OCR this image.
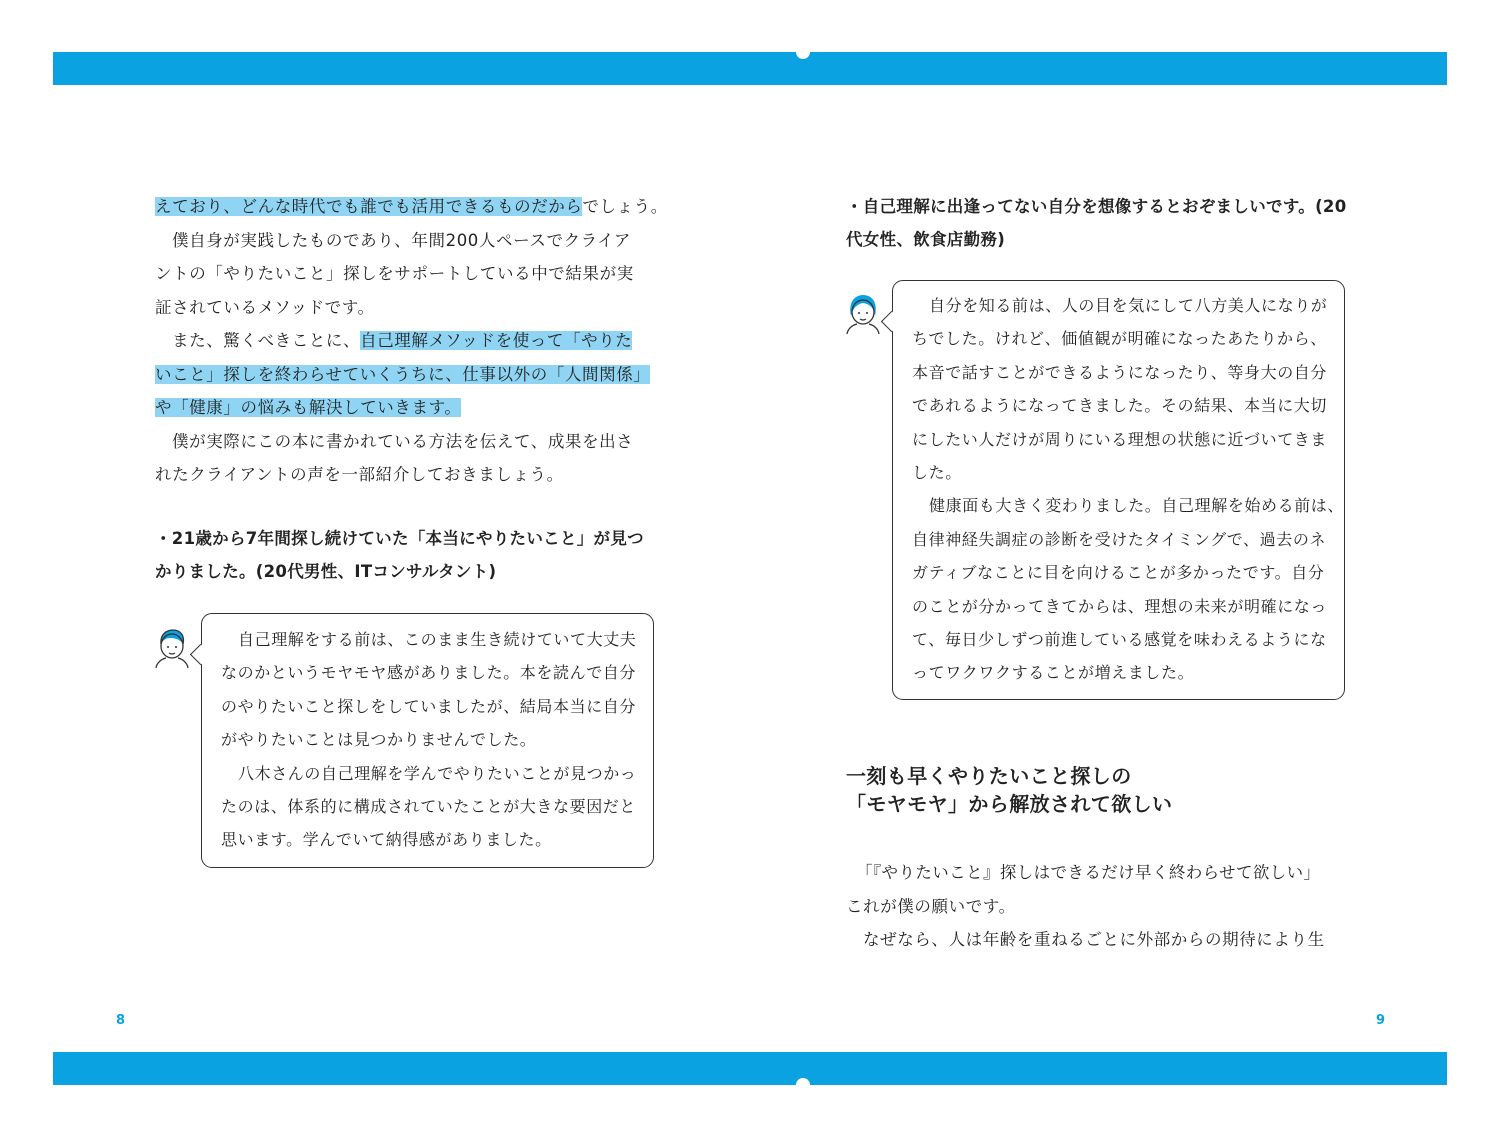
えており、どんな時代でも誰でも活用できるものだからでしょう。

僕自身が実践したものであり、年間200人ペースでクライア

ントの「やりたいこと」探しをサポートしている中で結果が実

証されているメソッドです。

また、驚くべきことに、自己理解メソッドを使って「やりた

いこと」探しを終わらせていくうちに、仕事以外の「人間関係」

や「健康」の悩みも解決していきます。

僕が実際にこの本に書かれている方法を伝えて、成果を出さ

れたクライアントの声を一部紹介しておきましょう。

・21歳から7年間探し続けていた「本当にやりたいこと」が見つ

かりました。(20代男性、ITコンサルタント)

自己理解をする前は、このまま生き続けていて大丈夫

なのかというモヤモヤ感がありました。本を読んで自分

のやりたいこと探しをしていましたが、結局本当に自分

がやりたいことは見つかりませんでした。

八木さんの自己理解を学んでやりたいことが見つかっ

たのは、体系的に構成されていたことが大きな要因だと

思います。学んでいて納得感がありました。

8

・自己理解に出逢ってない自分を想像するとおぞましいです。(20

代女性、飲食店勤務)

自分を知る前は、人の目を気にして八方美人になりが

ちでした。けれど、価値観が明確になったあたりから、

本音で話すことができるようになったり、等身大の自分

であれるようになってきました。その結果、本当に大切

にしたい人だけが周りにいる理想の状態に近づいてきま

した。

健康面も大きく変わりました。自己理解を始める前は、

自律神経失調症の診断を受けたタイミングで、過去のネ

ガティブなことに目を向けることが多かったです。自分

のことが分かってきてからは、理想の未来が明確になっ

て、毎日少しずつ前進している感覚を味わえるようにな

ってワクワクすることが増えました。

一刻も早くやりたいこと探しの
「モヤモヤ」から解放されて欲しい

「『やりたいこと』探しはできるだけ早く終わらせて欲しい」

これが僕の願いです。

なぜなら、人は年齢を重ねるごとに外部からの期待により生

9
